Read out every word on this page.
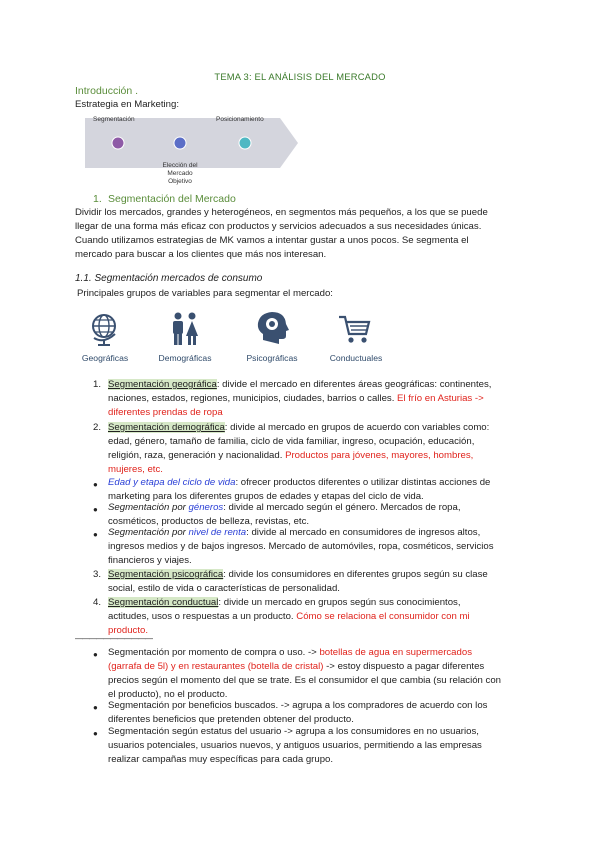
TEMA 3: EL ANÁLISIS DEL MERCADO
Introducción .
Estrategia en Marketing:
Segmentación	Posicionamiento
Elección del
Mercado
Objetivo
1. Segmentación del Mercado
Dividir los mercados, grandes y heterogéneos, en segmentos más pequeños, a los que se puede
llegar de una forma más eficaz con productos y servicios adecuados a sus necesidades únicas.
Cuando utilizamos estrategias de MK vamos a intentar gustar a unos pocos. Se segmenta el
mercado para buscar a los clientes que más nos interesan.
1.1. Segmentación mercados de consumo
Principales grupos de variables para segmentar el mercado:
Geográficas	Demográficas	Psicográficas	Conductuales
1. Segmentación geográfica: divide el mercado en diferentes áreas geográficas: continentes,
naciones, estados, regiones, municipios, ciudades, barrios o calles. El frío en Asturias ->
diferentes prendas de ropa
2. Segmentación demográfica: divide al mercado en grupos de acuerdo con variables como:
edad, género, tamaño de familia, ciclo de vida familiar, ingreso, ocupación, educación,
religión, raza, generación y nacionalidad. Productos para jóvenes, mayores, hombres,
mujeres, etc.
● Edad y etapa del ciclo de vida: ofrecer productos diferentes o utilizar distintas acciones de
marketing para los diferentes grupos de edades y etapas del ciclo de vida.
● Segmentación por géneros: divide al mercado según el género. Mercados de ropa,
cosméticos, productos de belleza, revistas, etc.
● Segmentación por nivel de renta: divide al mercado en consumidores de ingresos altos,
ingresos medios y de bajos ingresos. Mercado de automóviles, ropa, cosméticos, servicios
financieros y viajes.
3. Segmentación psicográfica: divide los consumidores en diferentes grupos según su clase
social, estilo de vida o características de personalidad.
4. Segmentación conductual: divide un mercado en grupos según sus conocimientos,
actitudes, usos o respuestas a un producto. Cómo se relaciona el consumidor con mi
producto.
———————————
● Segmentación por momento de compra o uso. -> botellas de agua en supermercados
(garrafa de 5l) y en restaurantes (botella de cristal) -> estoy dispuesto a pagar diferentes
precios según el momento del que se trate. Es el consumidor el que cambia (su relación con
el producto), no el producto.
● Segmentación por beneficios buscados. -> agrupa a los compradores de acuerdo con los
diferentes beneficios que pretenden obtener del producto.
● Segmentación según estatus del usuario -> agrupa a los consumidores en no usuarios,
usuarios potenciales, usuarios nuevos, y antiguos usuarios, permitiendo a las empresas
realizar campañas muy específicas para cada grupo.
